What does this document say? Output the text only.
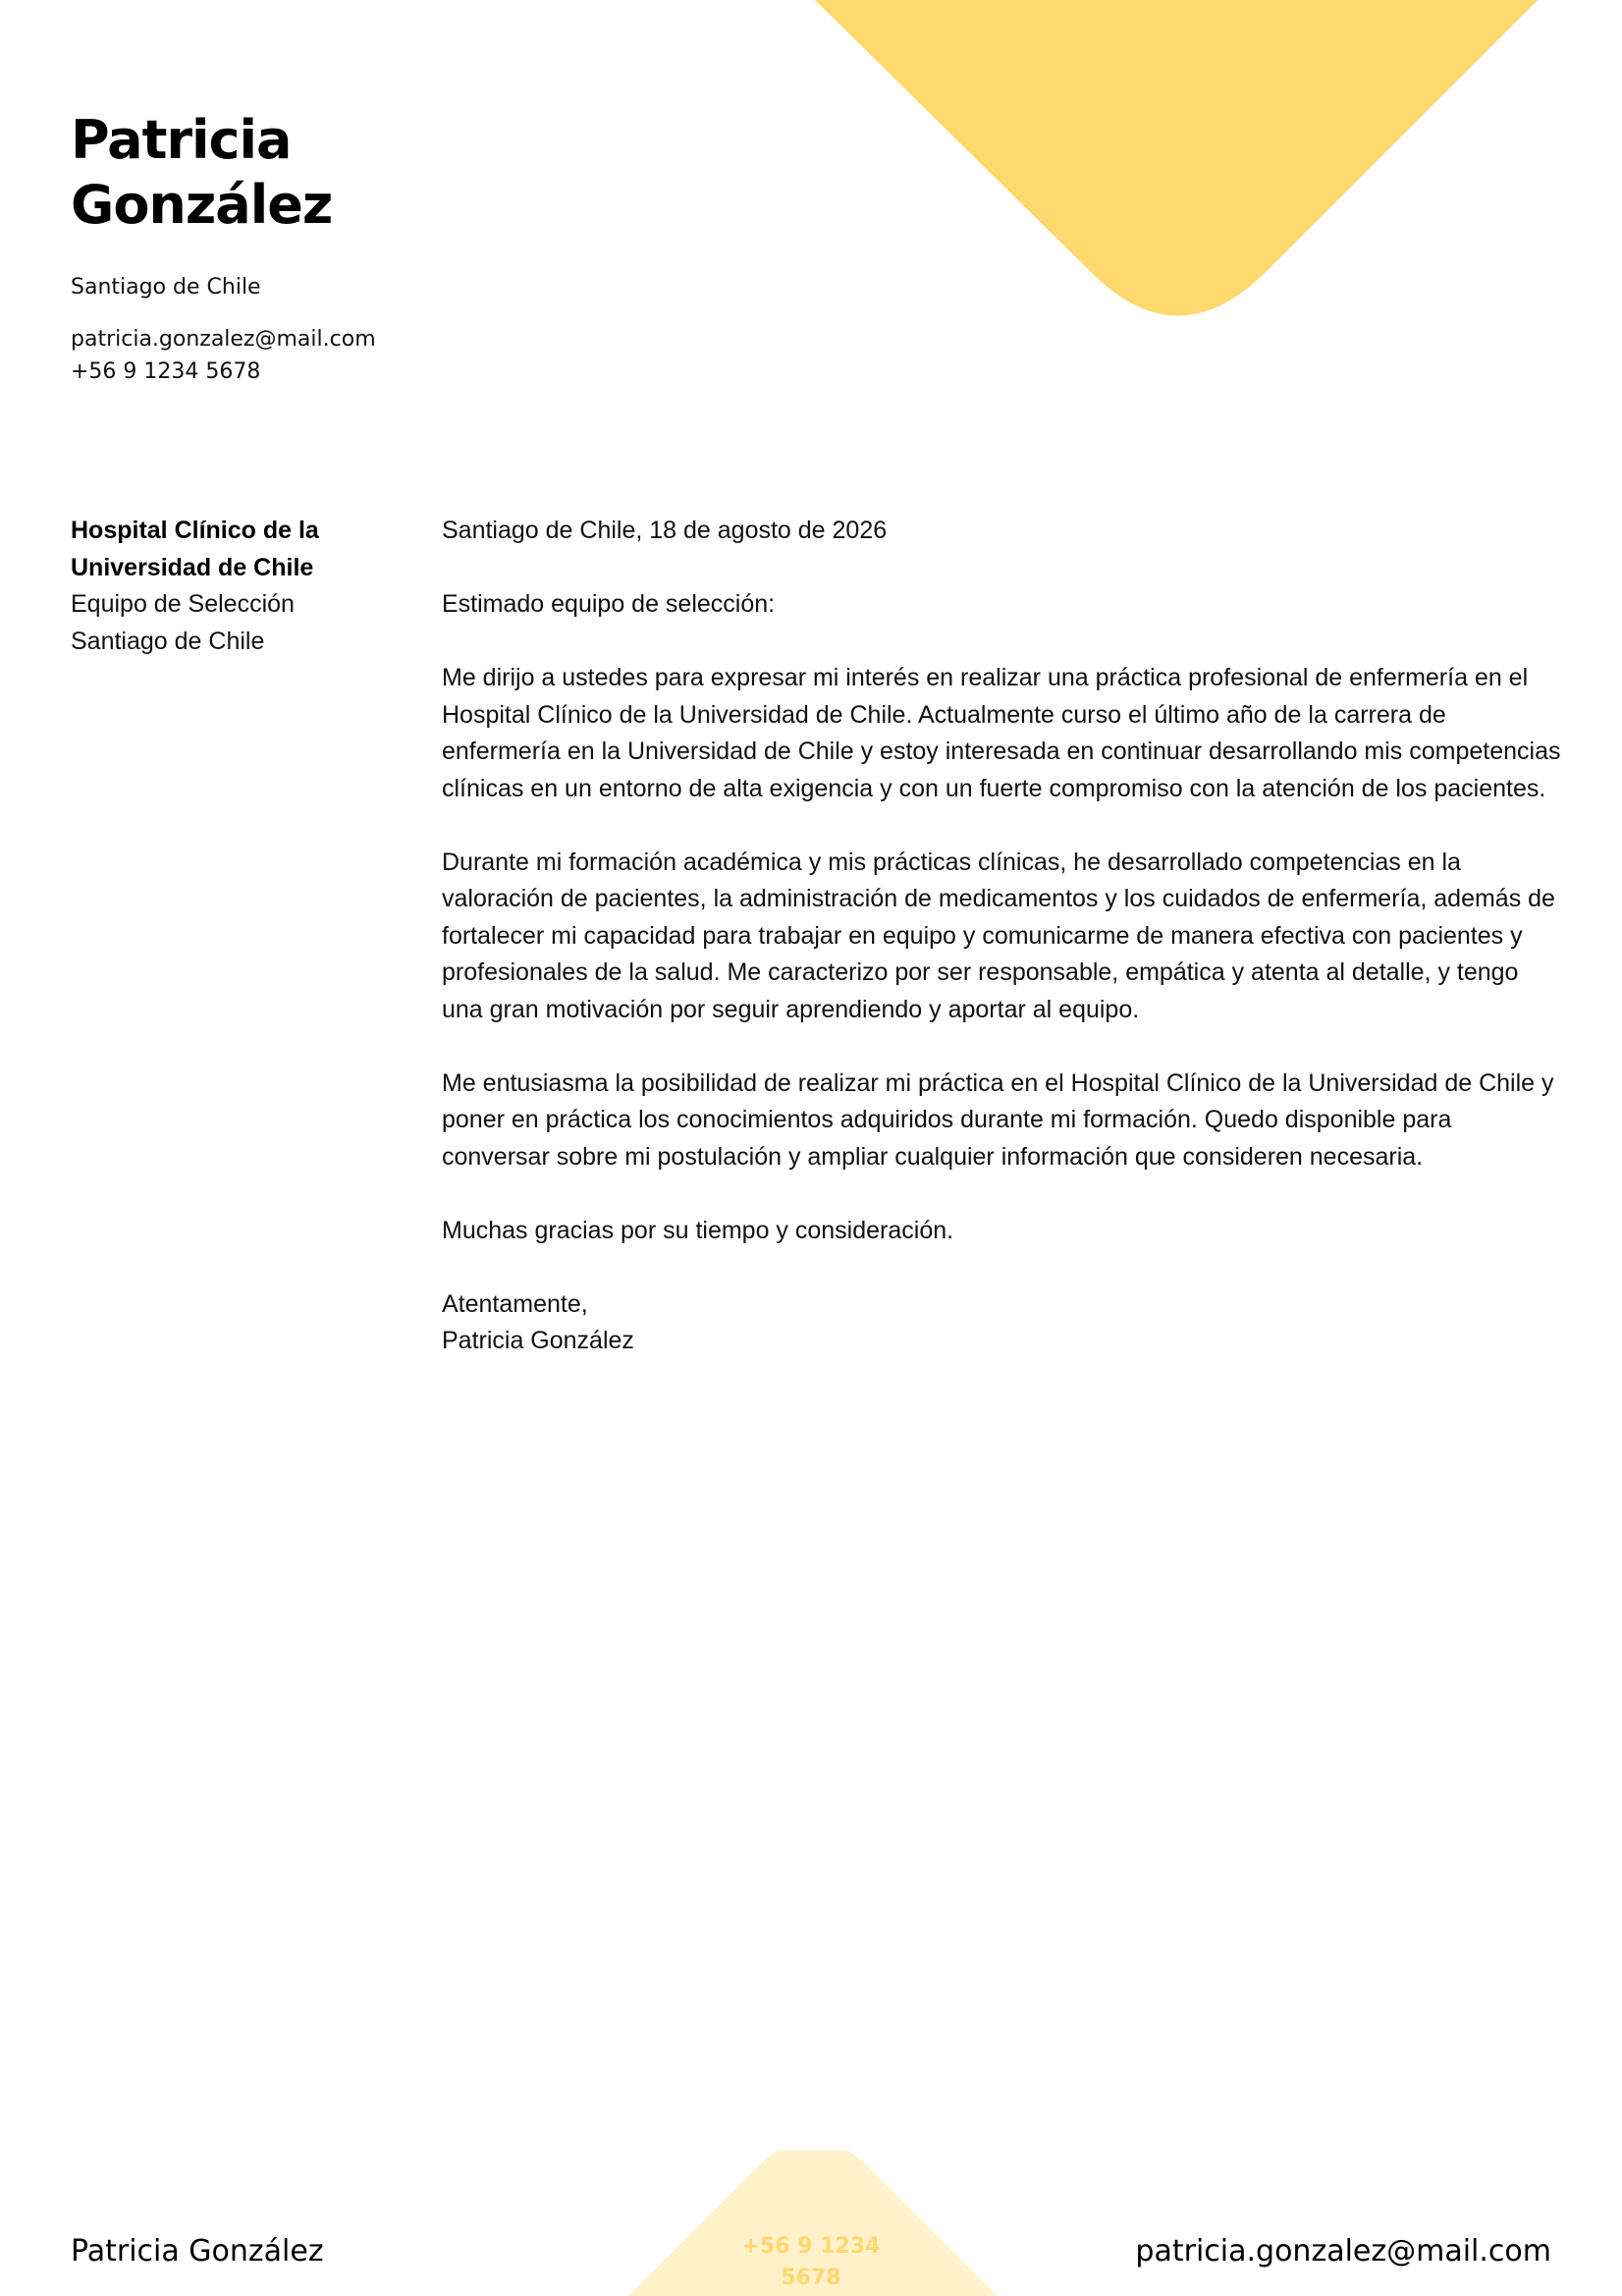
Patricia
González
Santiago de Chile
patricia.gonzalez@mail.com
+56 9 1234 5678
Hospital Clínico de la Universidad de Chile
Equipo de Selección
Santiago de Chile

Santiago de Chile, 18 de agosto de 2026

Estimado equipo de selección:

Me dirijo a ustedes para expresar mi interés en realizar una práctica profesional de enfermería en el Hospital Clínico de la Universidad de Chile. Actualmente curso el último año de la carrera de enfermería en la Universidad de Chile y estoy interesada en continuar desarrollando mis competencias clínicas en un entorno de alta exigencia y con un fuerte compromiso con la atención de los pacientes.

Durante mi formación académica y mis prácticas clínicas, he desarrollado competencias en la valoración de pacientes, la administración de medicamentos y los cuidados de enfermería, además de fortalecer mi capacidad para trabajar en equipo y comunicarme de manera efectiva con pacientes y profesionales de la salud. Me caracterizo por ser responsable, empática y atenta al detalle, y tengo una gran motivación por seguir aprendiendo y aportar al equipo.

Me entusiasma la posibilidad de realizar mi práctica en el Hospital Clínico de la Universidad de Chile y poner en práctica los conocimientos adquiridos durante mi formación. Quedo disponible para conversar sobre mi postulación y ampliar cualquier información que consideren necesaria.

Muchas gracias por su tiempo y consideración.

Atentamente,
Patricia González

Patricia González	+56 9 1234 5678
patricia.gonzalez@mail.com
